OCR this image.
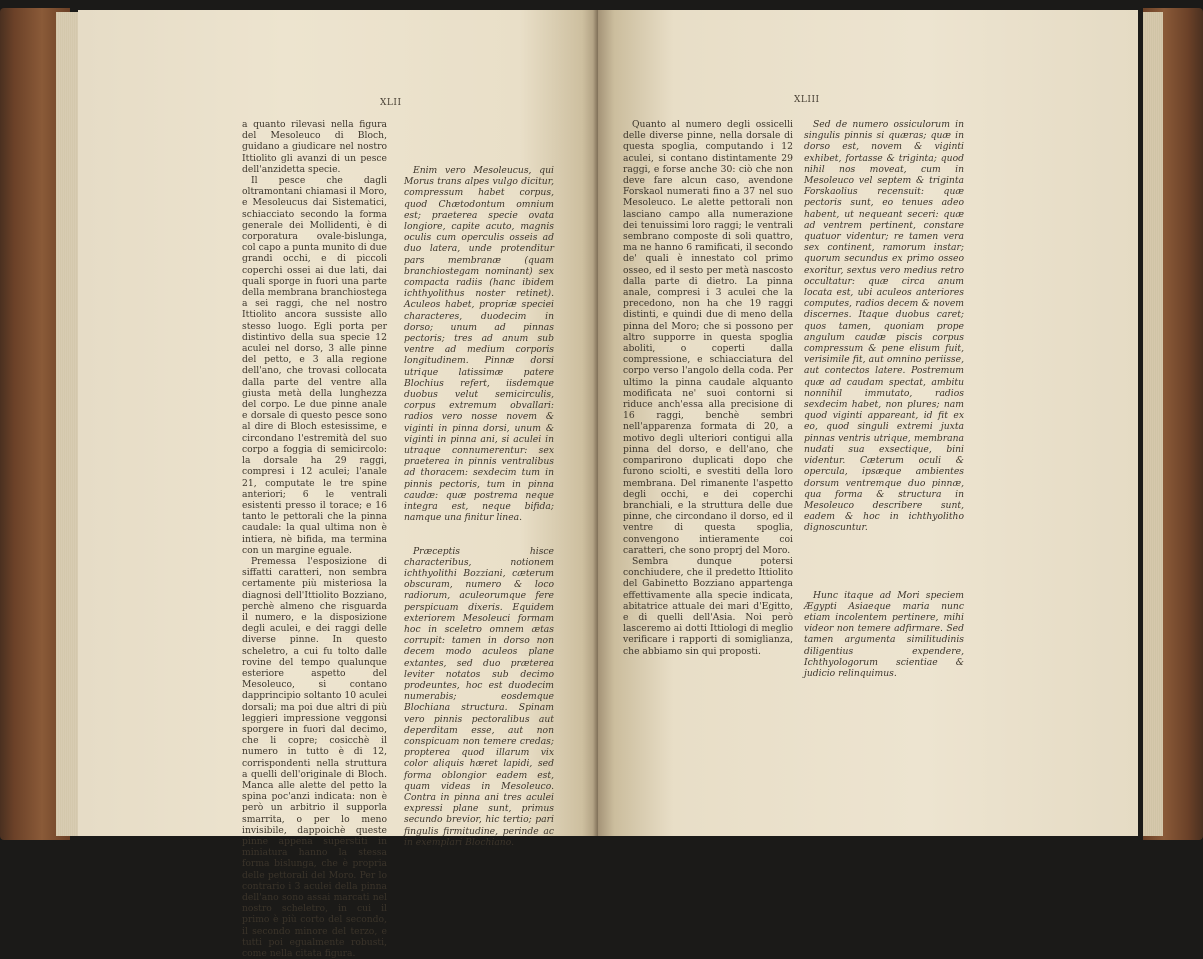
XLII

a quanto rilevasi nella figura del Mesoleuco di Bloch, guidano a giudicare nel nostro Ittiolito gli avanzi di un pesce dell'anzidetta specie.

Il pesce che dagli oltramontani chiamasi il Moro, e Mesoleucus dai Sistematici, schiacciato secondo la forma generale dei Mollidenti, è di corporatura ovale-bislunga, col capo a punta munito di due grandi occhi, e di piccoli coperchi ossei ai due lati, dai quali sporge in fuori una parte della membrana branchiostega a sei raggi, che nel nostro Ittiolito ancora sussiste allo stesso luogo. Egli porta per distintivo della sua specie 12 aculei nel dorso, 3 alle pinne del petto, e 3 alla regione dell'ano, che trovasi collocata dalla parte del ventre alla giusta metà della lunghezza del corpo. Le due pinne anale e dorsale di questo pesce sono al dire di Bloch estesissime, e circondano l'estremità del suo corpo a foggia di semicircolo: la dorsale ha 29 raggi, compresi i 12 aculei; l'anale 21, computate le tre spine anteriori; 6 le ventrali esistenti presso il torace; e 16 tanto le pettorali che la pinna caudale: la qual ultima non è intiera, nè bifida, ma termina con un margine eguale.

Premessa l'esposizione di siffatti caratteri, non sembra certamente più misteriosa la diagnosi dell'Ittiolito Bozziano, perchè almeno che risguarda il numero, e la disposizione degli aculei, e dei raggi delle diverse pinne. In questo scheletro, a cui fu tolto dalle rovine del tempo qualunque esteriore aspetto del Mesoleuco, si contano dapprincipio soltanto 10 aculei dorsali; ma poi due altri di più leggieri impressione veggonsi sporgere in fuori dal decimo, che li copre; cosicchè il numero in tutto è di 12, corrispondenti nella struttura a quelli dell'originale di Bloch. Manca alle alette del petto la spina poc'anzi indicata: non è però un arbitrio il supporla smarrita, o per lo meno invisibile, dappoichè queste pinne appena superstiti in miniatura hanno la stessa forma bislunga, che è propria delle pettorali del Moro. Per lo contrario i 3 aculei della pinna dell'ano sono assai marcati nel nostro scheletro, in cui il primo è più corto del secondo, il secondo minore del terzo, e tutti poi egualmente robusti, come nella citata figura.

Enim vero Mesoleucus, qui Morus trans alpes vulgo dicitur, compressum habet corpus, quod Chætodontum omnium est; praeterea specie ovata longiore, capite acuto, magnis oculis cum operculis osseis ad duo latera, unde protenditur pars membranæ (quam branchiostegam nominant) sex compacta radiis (hanc ibidem ichthyolithus noster retinet). Aculeos habet, propriæ speciei characteres, duodecim in dorso; unum ad pinnas pectoris; tres ad anum sub ventre ad medium corporis longitudinem. Pinnæ dorsi utrique latissimæ patere Blochius refert, iisdemque duobus velut semicirculis, corpus extremum obvallari: radios vero nosse novem & viginti in pinna dorsi, unum & viginti in pinna ani, si aculei in utraque connumerentur: sex praeterea in pinnis ventralibus ad thoracem: sexdecim tum in pinnis pectoris, tum in pinna caudæ: quæ postrema neque integra est, neque bifida; namque una finitur linea.

Præceptis hisce characteribus, notionem ichthyolithi Bozziani, cæterum obscuram, numero & loco radiorum, aculeorumque fere perspicuam dixeris. Equidem exteriorem Mesoleuci formam hoc in sceletro omnem ætas corrupit: tamen in dorso non decem modo aculeos plane extantes, sed duo præterea leviter notatos sub decimo prodeuntes, hoc est duodecim numerabis; eosdemque Blochiana structura. Spinam vero pinnis pectoralibus aut deperditam esse, aut non conspicuam non temere credas; propterea quod illarum vix color aliquis hæret lapidi, sed forma oblongior eadem est, quam videas in Mesoleuco. Contra in pinna ani tres aculei expressi plane sunt, primus secundo brevior, hic tertio; pari fingulis firmitudine, perinde ac in exemplari Blochiano.

XLIII

Quanto al numero degli ossicelli delle diverse pinne, nella dorsale di questa spoglia, computando i 12 aculei, si contano distintamente 29 raggi, e forse anche 30: ciò che non deve fare alcun caso, avendone Forskaol numerati fino a 37 nel suo Mesoleuco. Le alette pettorali non lasciano campo alla numerazione dei tenuissimi loro raggi; le ventrali sembrano composte di soli quattro, ma ne hanno 6 ramificati, il secondo de' quali è innestato col primo osseo, ed il sesto per metà nascosto dalla parte di dietro. La pinna anale, compresi i 3 aculei che la precedono, non ha che 19 raggi distinti, e quindi due di meno della pinna del Moro; che si possono per altro supporre in questa spoglia aboliti, o coperti dalla compressione, e schiacciatura del corpo verso l'angolo della coda. Per ultimo la pinna caudale alquanto modificata ne' suoi contorni si riduce anch'essa alla precisione di 16 raggi, benchè sembri nell'apparenza formata di 20, a motivo degli ulteriori contigui alla pinna del dorso, e dell'ano, che comparirono duplicati dopo che furono sciolti, e svestiti della loro membrana. Del rimanente l'aspetto degli occhi, e dei coperchi branchiali, e la struttura delle due pinne, che circondano il dorso, ed il ventre di questa spoglia, convengono intieramente coi caratteri, che sono proprj del Moro.

Sembra dunque potersi conchiudere, che il predetto Ittiolito del Gabinetto Bozziano appartenga effettivamente alla specie indicata, abitatrice attuale dei mari d'Egitto, e di quelli dell'Asia. Noi però lasceremo ai dotti Ittiologi di meglio verificare i rapporti di somiglianza, che abbiamo sin qui proposti.

Sed de numero ossiculorum in singulis pinnis si quæras; quæ in dorso est, novem & viginti exhibet, fortasse & triginta; quod nihil nos moveat, cum in Mesoleuco vel septem & triginta Forskaolius recensuit: quæ pectoris sunt, eo tenues adeo habent, ut nequeant seceri: quæ ad ventrem pertinent, constare quatuor videntur; re tamen vera sex continent, ramorum instar; quorum secundus ex primo osseo exoritur, sextus vero medius retro occultatur: quæ circa anum locata est, ubi aculeos anteriores computes, radios decem & novem discernes. Itaque duobus caret; quos tamen, quoniam prope angulum caudæ piscis corpus compressum & pene elisum fuit, verisimile fit, aut omnino periisse, aut contectos latere. Postremum quæ ad caudam spectat, ambitu nonnihil immutato, radios sexdecim habet, non plures; nam quod viginti appareant, id fit ex eo, quod singuli extremi juxta pinnas ventris utrique, membrana nudati sua exsectique, bini videntur. Cæterum oculi & opercula, ipsæque ambientes dorsum ventremque duo pinnæ, qua forma & structura in Mesoleuco describere sunt, eadem & hoc in ichthyolitho dignoscuntur.

Hunc itaque ad Mori speciem Ægypti Asiaeque maria nunc etiam incolentem pertinere, mihi videor non temere adfirmare. Sed tamen argumenta similitudinis diligentius expendere, Ichthyologorum scientiae & judicio relinquimus.
